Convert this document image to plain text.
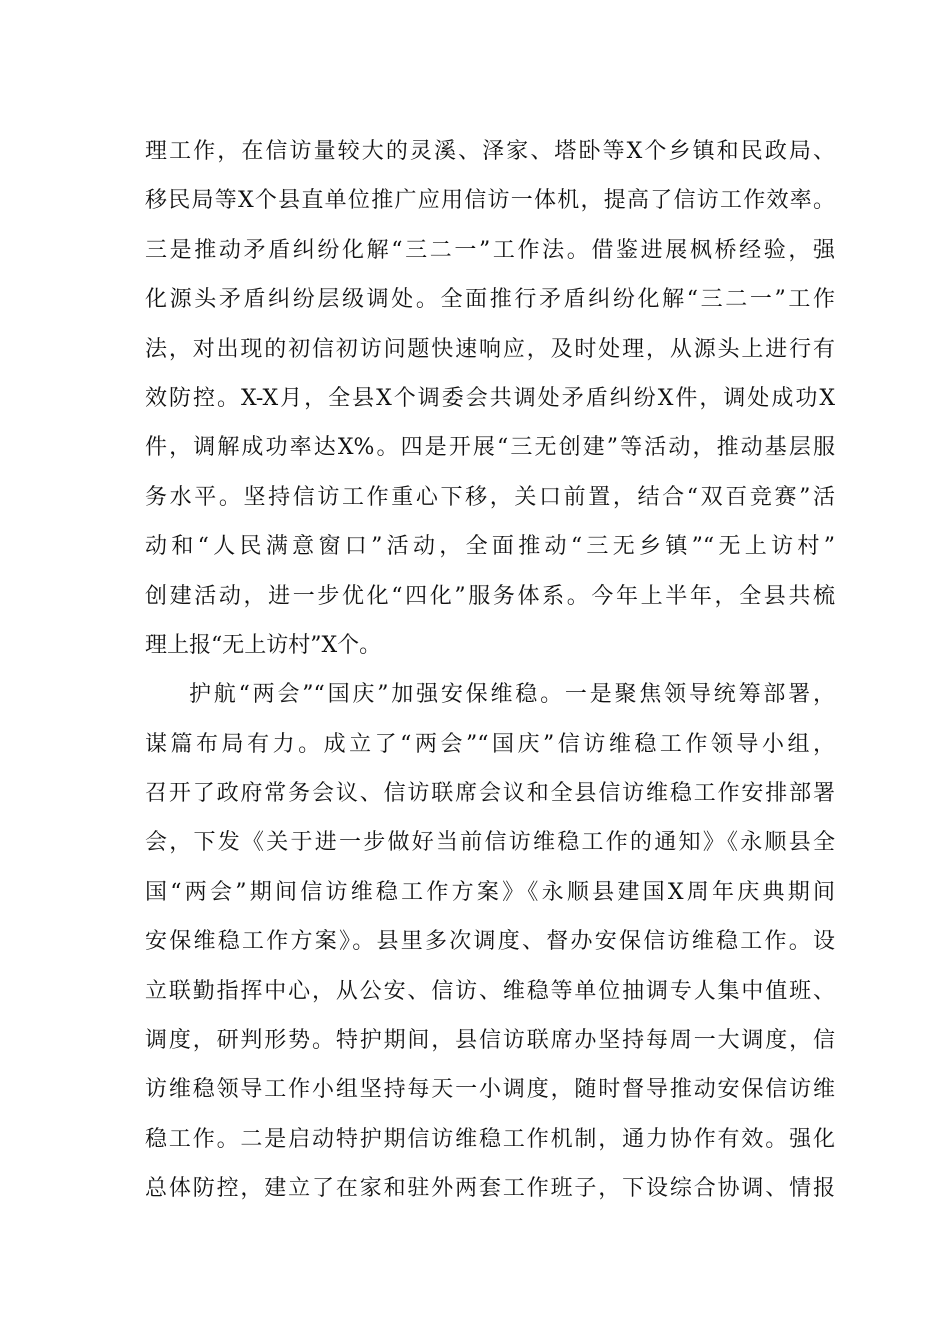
理工作，在信访量较大的灵溪、泽家、塔卧等X个乡镇和民政局、
移民局等X个县直单位推广应用信访一体机，提高了信访工作效率。
三是推动矛盾纠纷化解“三二一”工作法。借鉴进展枫桥经验，强
化源头矛盾纠纷层级调处。全面推行矛盾纠纷化解“三二一”工作
法，对出现的初信初访问题快速响应，及时处理，从源头上进行有
效防控。X-X月，全县X个调委会共调处矛盾纠纷X件，调处成功X
件，调解成功率达X%。四是开展“三无创建”等活动，推动基层服
务水平。坚持信访工作重心下移，关口前置，结合“双百竞赛”活
动和“人民满意窗口”活动，全面推动“三无乡镇”“无上访村”
创建活动，进一步优化“四化”服务体系。今年上半年，全县共梳
理上报“无上访村”X个。
护航“两会”“国庆”加强安保维稳。一是聚焦领导统筹部署，
谋篇布局有力。成立了“两会”“国庆”信访维稳工作领导小组，
召开了政府常务会议、信访联席会议和全县信访维稳工作安排部署
会，下发《关于进一步做好当前信访维稳工作的通知》《永顺县全
国“两会”期间信访维稳工作方案》《永顺县建国X周年庆典期间
安保维稳工作方案》。县里多次调度、督办安保信访维稳工作。设
立联勤指挥中心，从公安、信访、维稳等单位抽调专人集中值班、
调度，研判形势。特护期间，县信访联席办坚持每周一大调度，信
访维稳领导工作小组坚持每天一小调度，随时督导推动安保信访维
稳工作。二是启动特护期信访维稳工作机制，通力协作有效。强化
总体防控，建立了在家和驻外两套工作班子，下设综合协调、情报
